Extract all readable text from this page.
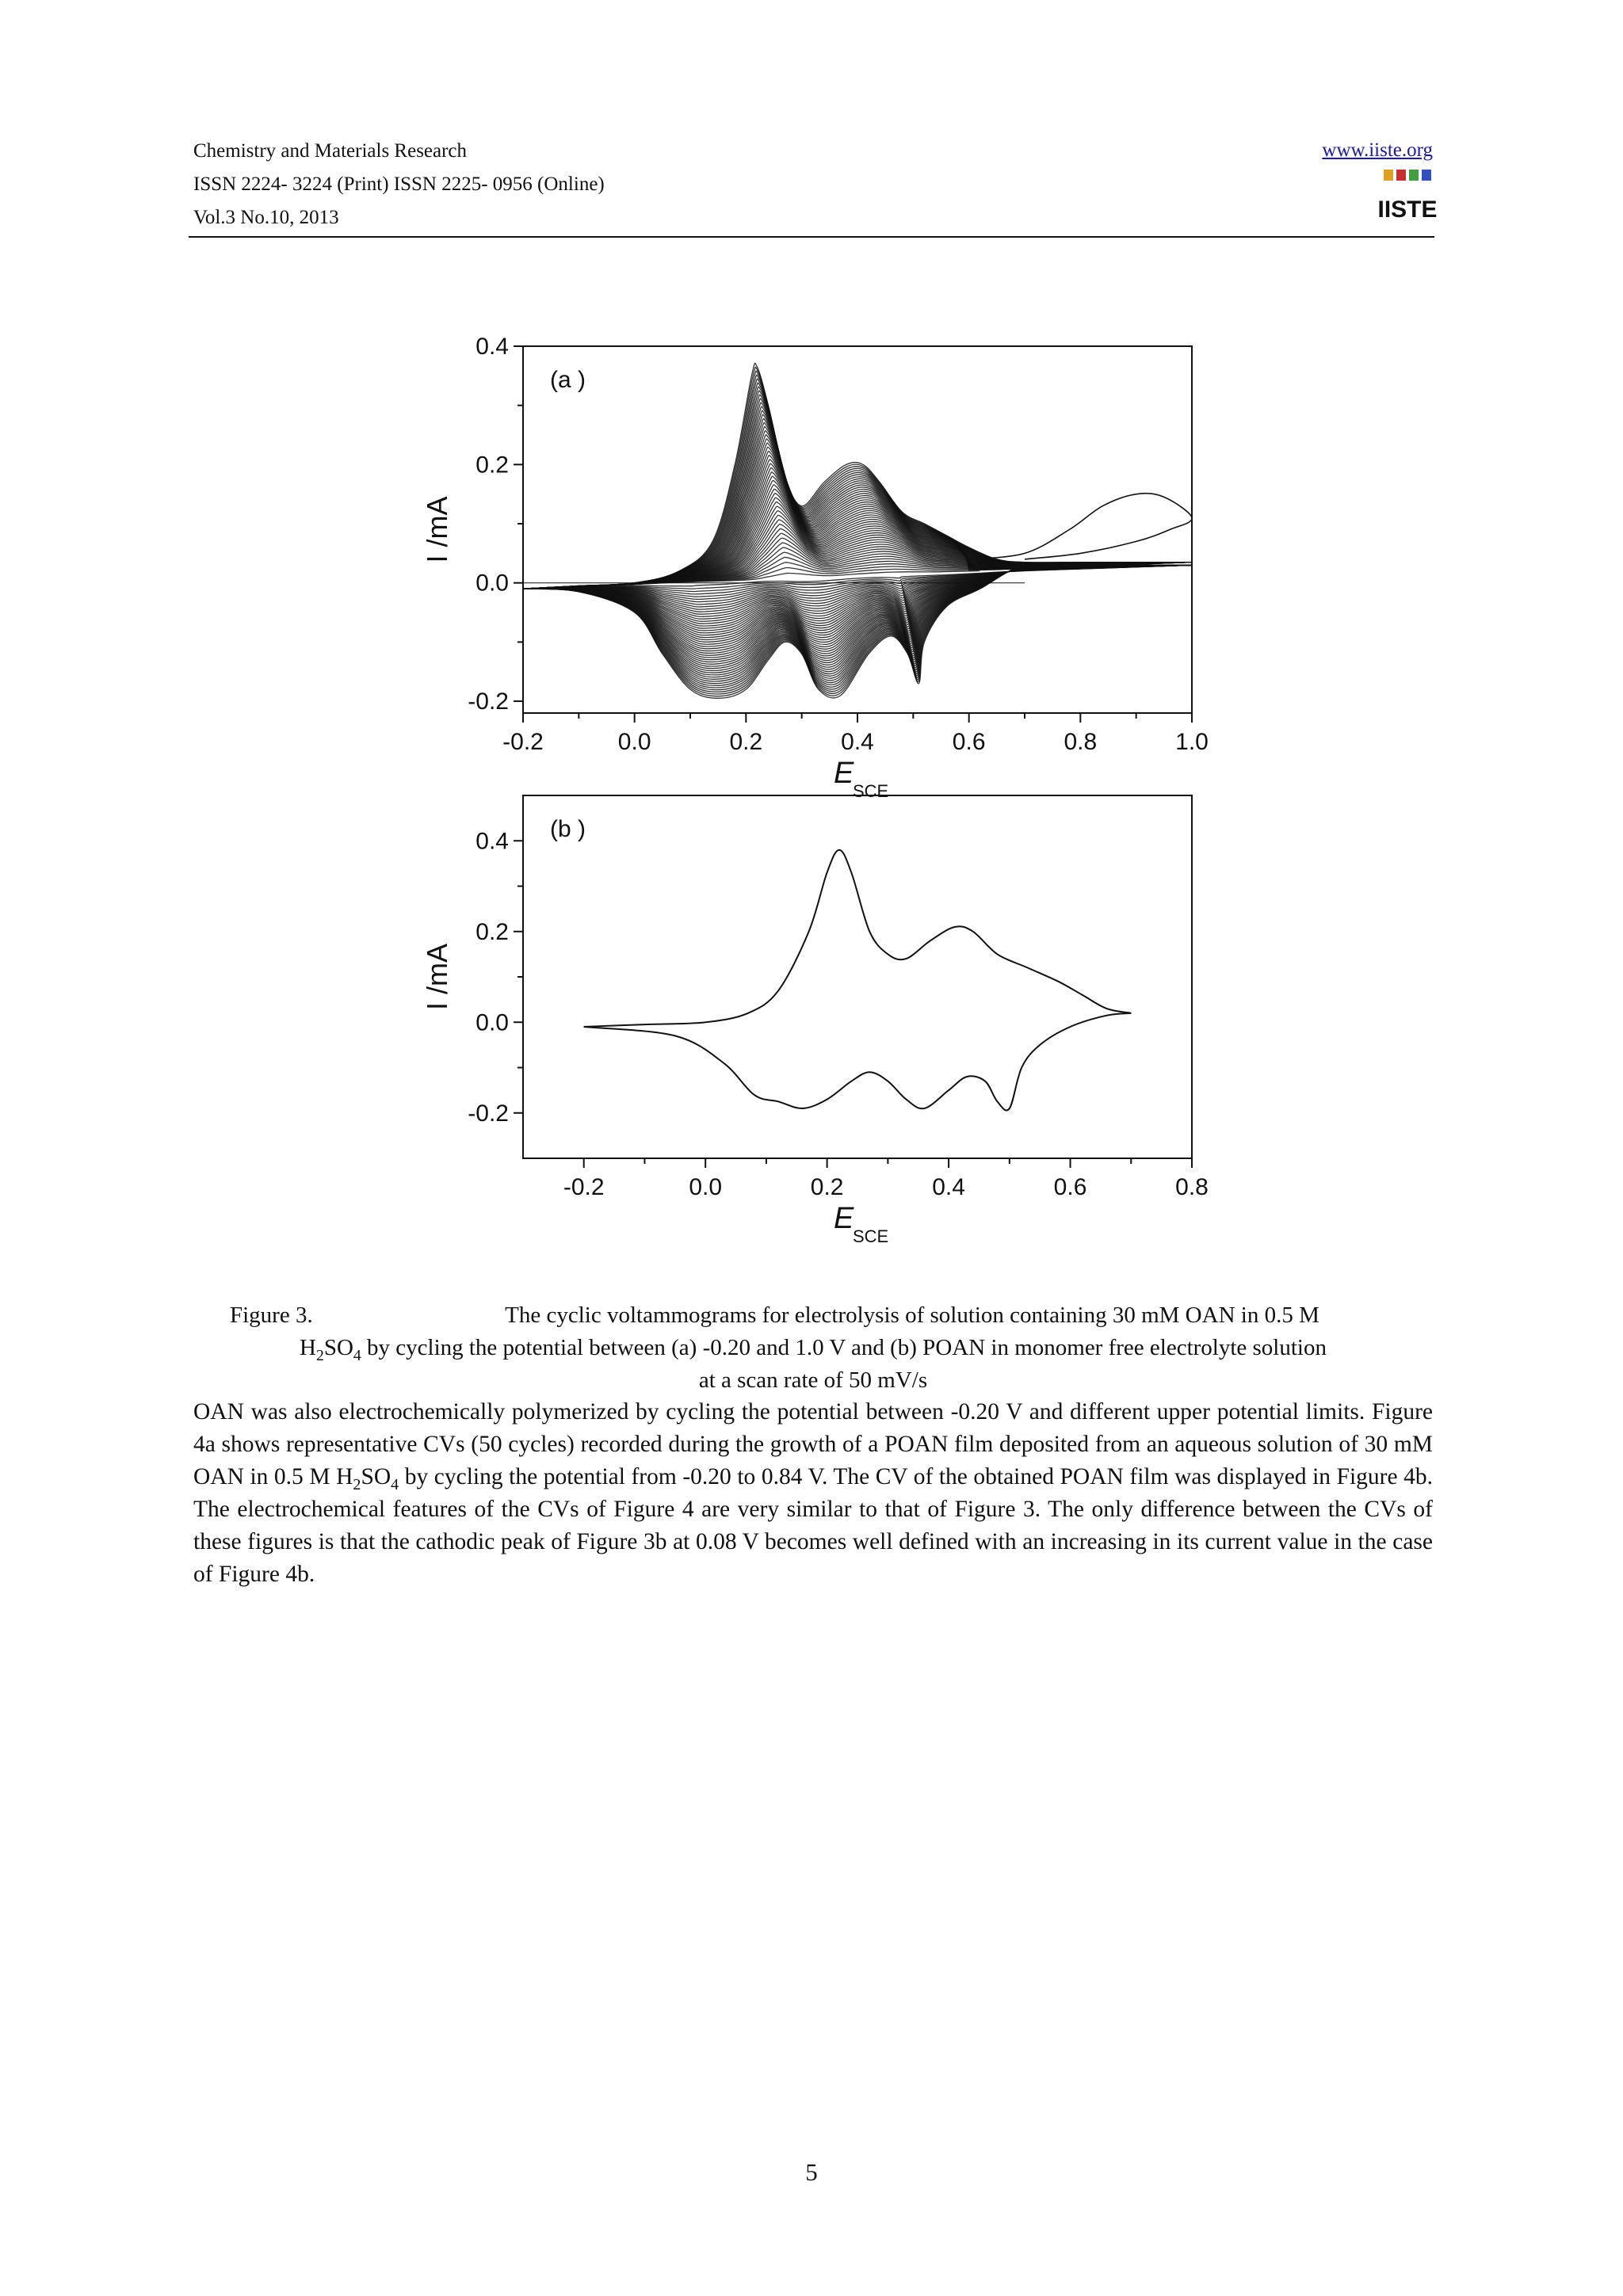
Chemistry and Materials Research
ISSN 2224- 3224 (Print) ISSN 2225- 0956 (Online)
Vol.3 No.10, 2013
www.iiste.org
IISTE
-0.2	0.0	0.2	0.4	0.6	0.8	1.0
-0.2
0.0
0.2
0.4
(a )
E
SCE
I /mA
-0.2	0.0	0.2	0.4	0.6	0.8
-0.2
0.0
0.2
0.4 (b )
E
SCE
I /mA
Figure 3.	The cyclic voltammograms for electrolysis of solution containing 30 mM OAN in 0.5 M
$H_2SO_4$ by cycling the potential between (a) -0.20 and 1.0 V and (b) POAN in monomer free electrolyte solution
at a scan rate of 50 mV/s
OAN was also electrochemically polymerized by cycling the potential between -0.20 V and different upper potential limits. Figure 4a shows representative CVs (50 cycles) recorded during the growth of a POAN film deposited from an aqueous solution of 30 mM OAN in 0.5 M $H_2SO_4$ by cycling the potential from -0.20 to 0.84 V. The CV of the obtained POAN film was displayed in Figure 4b. The electrochemical features of the CVs of Figure 4 are very similar to that of Figure 3. The only difference between the CVs of these figures is that the cathodic peak of Figure 3b at 0.08 V becomes well defined with an increasing in its current value in the case of Figure 4b.
5
